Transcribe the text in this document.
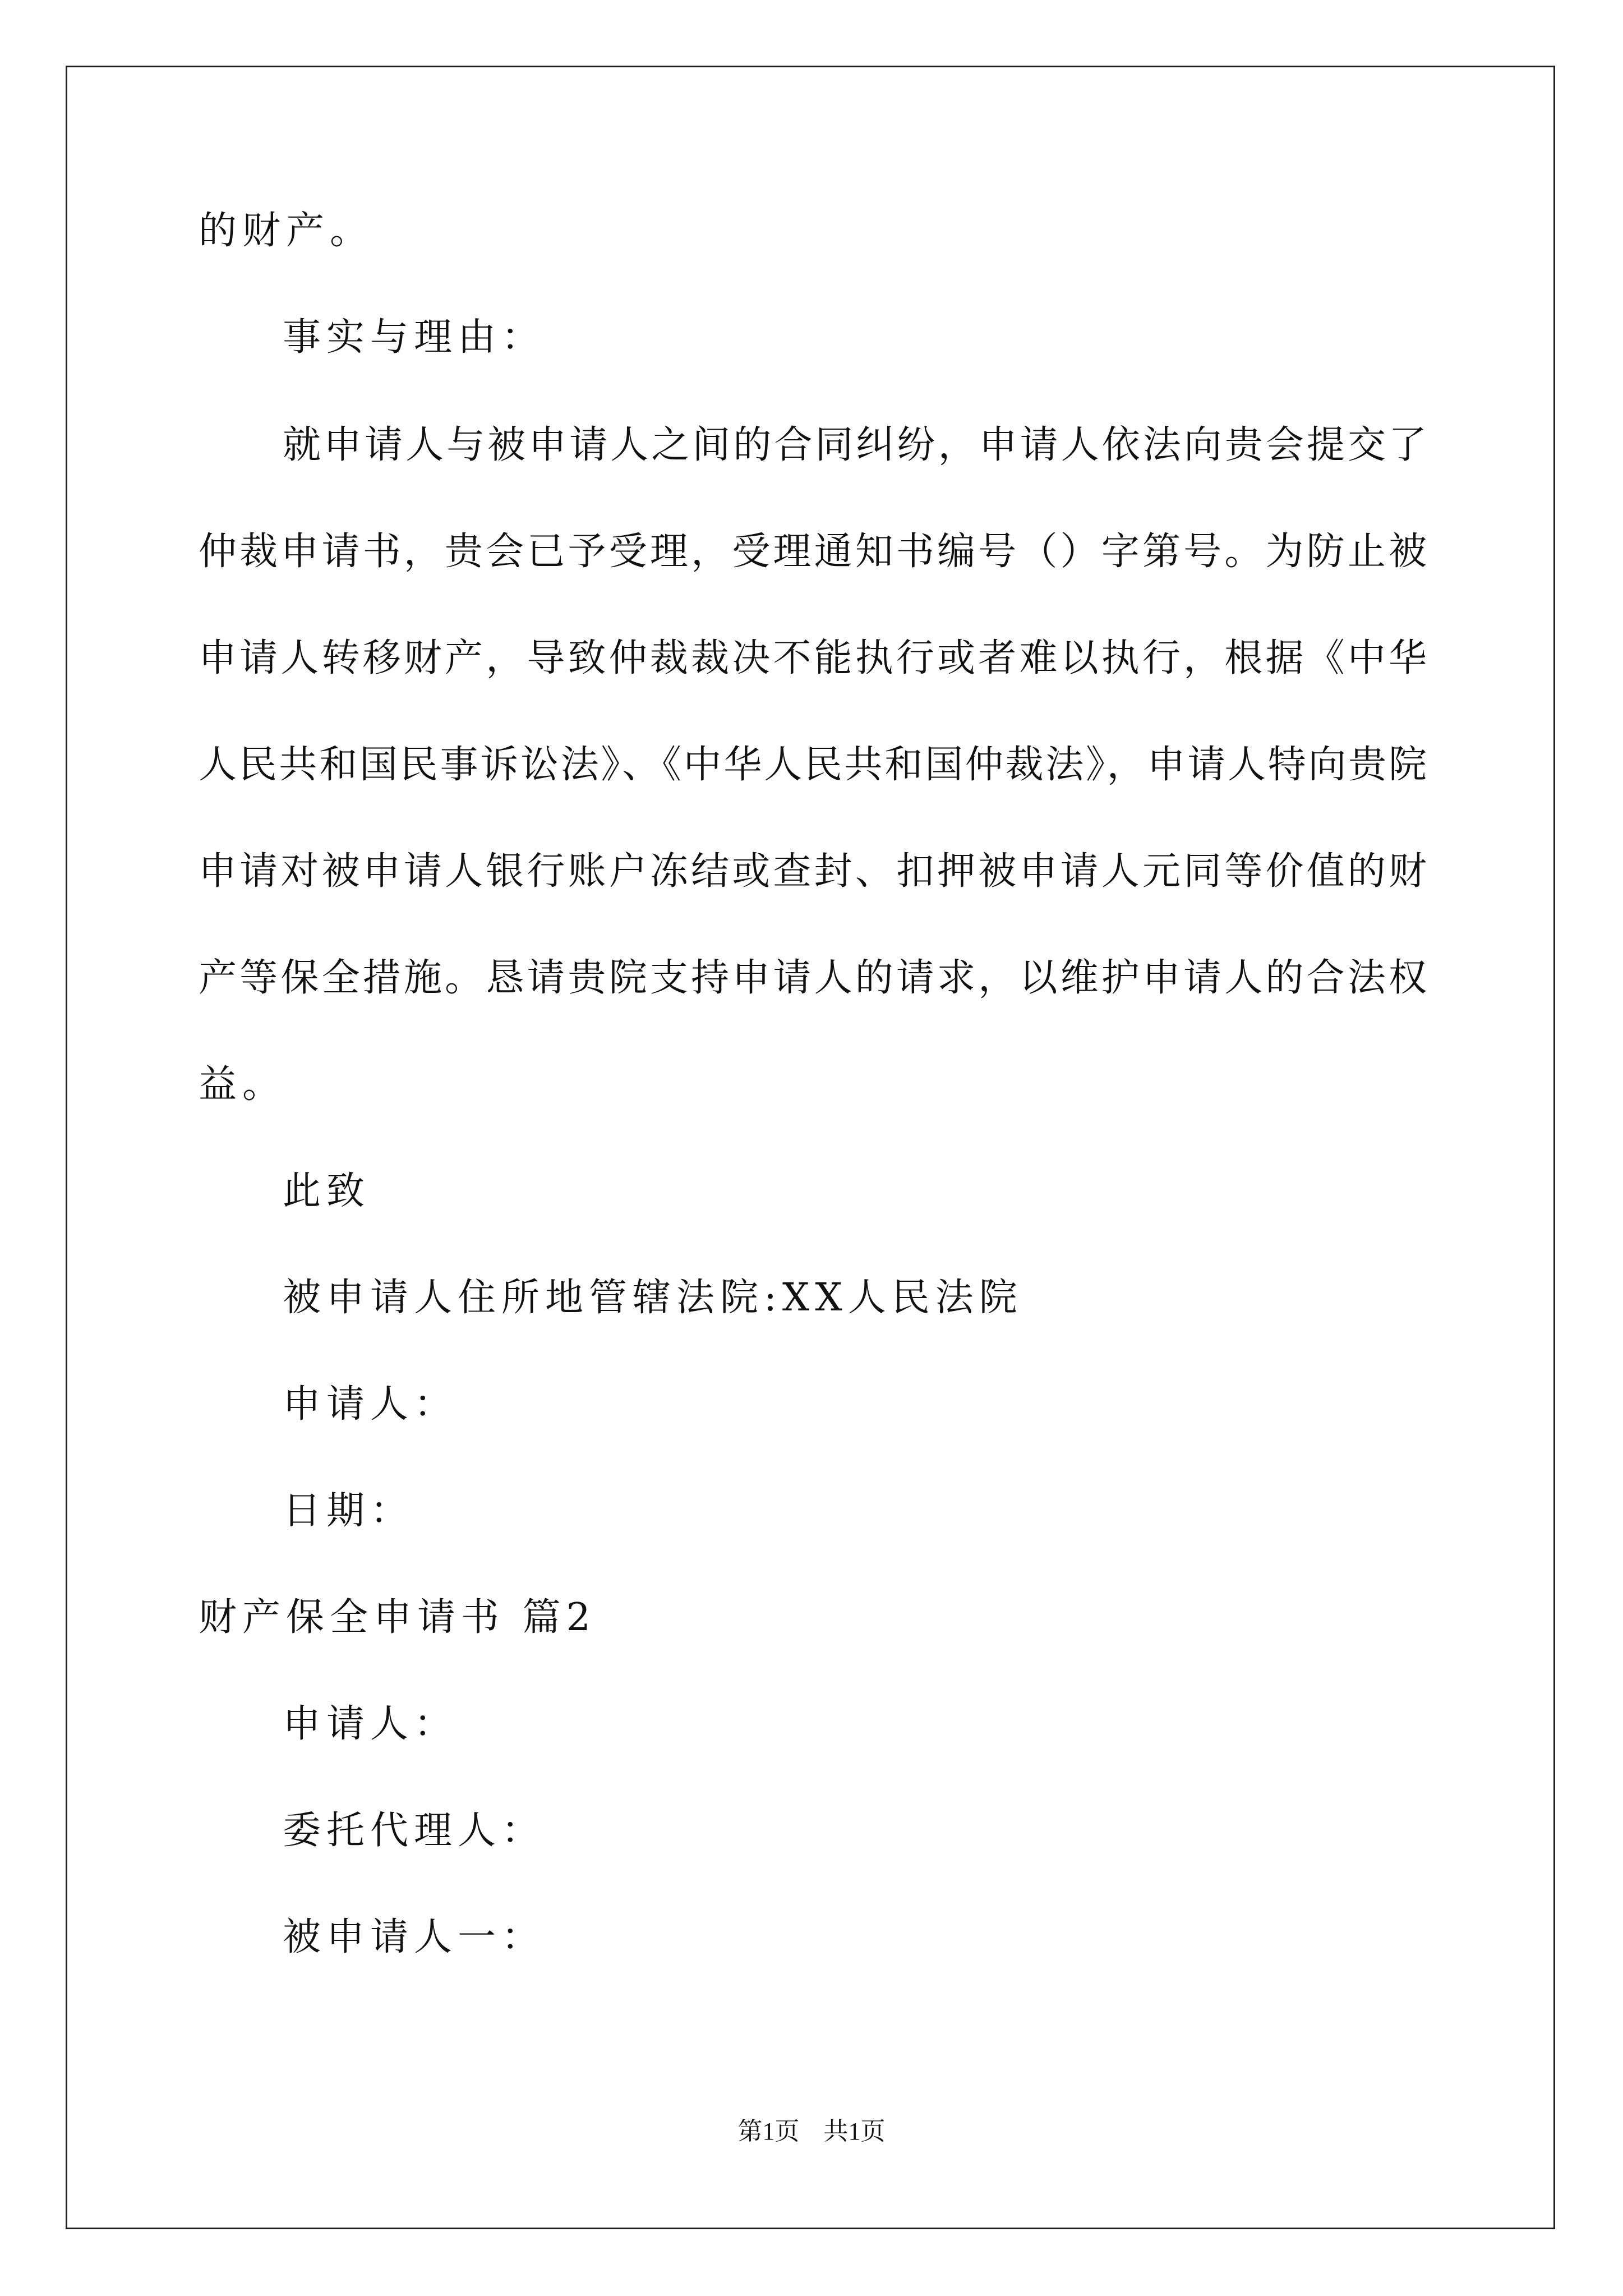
的财产。
事实与理由：
就申请人与被申请人之间的合同纠纷，申请人依法向贵会提交了
仲裁申请书，贵会已予受理，受理通知书编号（）字第号。为防止被
申请人转移财产，导致仲裁裁决不能执行或者难以执行，根据《中华
人民共和国民事诉讼法》、《中华人民共和国仲裁法》，申请人特向贵院
申请对被申请人银行账户冻结或查封、扣押被申请人元同等价值的财
产等保全措施。恳请贵院支持申请人的请求，以维护申请人的合法权
益。
此致
被申请人住所地管辖法院:XX人民法院
申请人：
日期：
财产保全申请书 篇2
申请人：
委托代理人：
被申请人一：
第1页 共1页
